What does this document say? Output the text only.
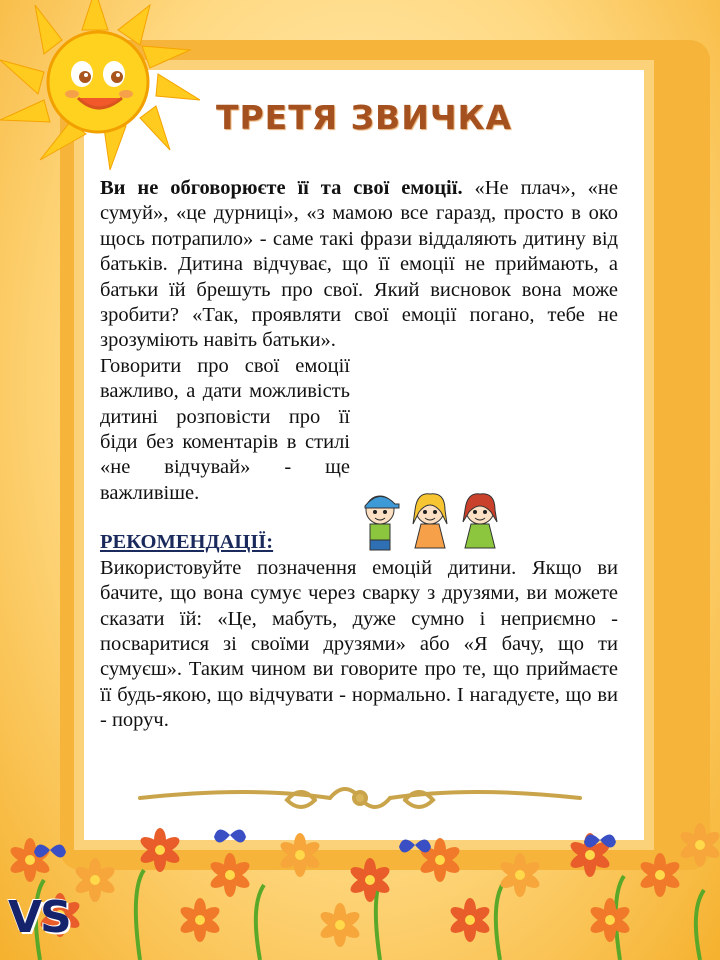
ТРЕТЯ ЗВИЧКА

Ви не обговорюєте її та свої емоції. «Не плач», «не сумуй», «це дурниці», «з мамою все гаразд, просто в око щось потрапило» - саме такі фрази віддаляють дитину від батьків. Дитина відчуває, що її емоції не приймають, а батьки їй брешуть про свої. Який висновок вона може зробити? «Так, проявляти свої емоції погано, тебе не зрозуміють навіть батьки».

Говорити про свої емоції важливо, а дати можливість дитині розповісти про її біди без коментарів в стилі «не відчувай» - ще важливіше.

РЕКОМЕНДАЦІЇ:

Використовуйте позначення емоцій дитини. Якщо ви бачите, що вона сумує через сварку з друзями, ви можете сказати їй: «Це, мабуть, дуже сумно і неприємно - посваритися зі своїми друзями» або «Я бачу, що ти сумуєш». Таким чином ви говорите про те, що приймаєте її будь-якою, що відчувати - нормально. І нагадуєте, що ви - поруч.

VS
